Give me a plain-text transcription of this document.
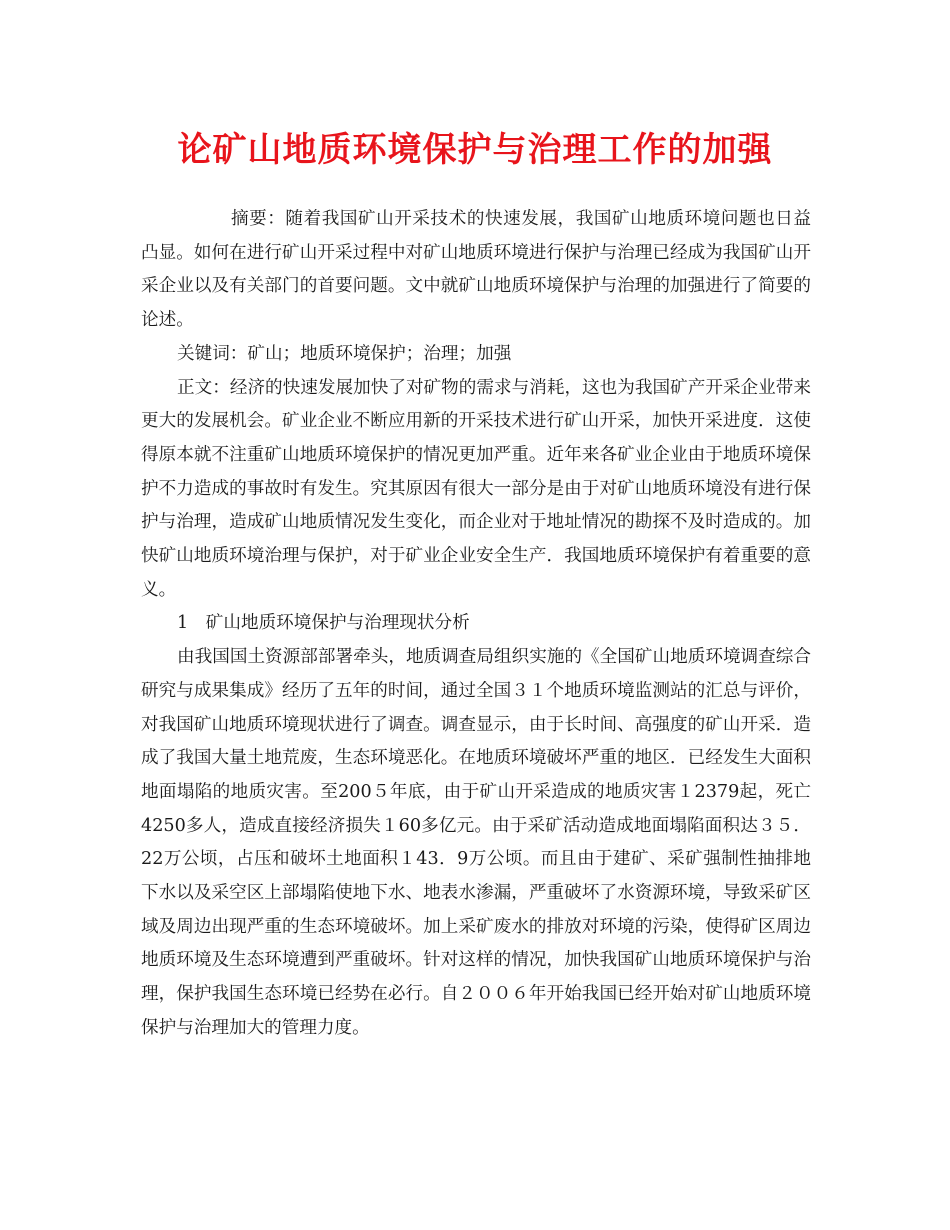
论矿山地质环境保护与治理工作的加强

摘要：随着我国矿山开采技术的快速发展，我国矿山地质环境问题也日益凸显。如何在进行矿山开采过程中对矿山地质环境进行保护与治理已经成为我国矿山开采企业以及有关部门的首要问题。文中就矿山地质环境保护与治理的加强进行了简要的论述。

关键词：矿山；地质环境保护；治理；加强

正文：经济的快速发展加快了对矿物的需求与消耗，这也为我国矿产开采企业带来更大的发展机会。矿业企业不断应用新的开采技术进行矿山开采，加快开采进度．这使得原本就不注重矿山地质环境保护的情况更加严重。近年来各矿业企业由于地质环境保护不力造成的事故时有发生。究其原因有很大一部分是由于对矿山地质环境没有进行保护与治理，造成矿山地质情况发生变化，而企业对于地址情况的勘探不及时造成的。加快矿山地质环境治理与保护，对于矿业企业安全生产．我国地质环境保护有着重要的意义。

1　矿山地质环境保护与治理现状分析

由我国国土资源部部署牵头，地质调查局组织实施的《全国矿山地质环境调查综合研究与成果集成》经历了五年的时间，通过全国３１个地质环境监测站的汇总与评价，对我国矿山地质环境现状进行了调查。调查显示，由于长时间、高强度的矿山开采．造成了我国大量土地荒废，生态环境恶化。在地质环境破坏严重的地区．已经发生大面积地面塌陷的地质灾害。至200５年底，由于矿山开采造成的地质灾害１2379起，死亡4250多人，造成直接经济损失１60多亿元。由于采矿活动造成地面塌陷面积达３５．22万公顷，占压和破坏土地面积１43．9万公顷。而且由于建矿、采矿强制性抽排地下水以及采空区上部塌陷使地下水、地表水渗漏，严重破坏了水资源环境，导致采矿区域及周边出现严重的生态环境破坏。加上采矿废水的排放对环境的污染，使得矿区周边地质环境及生态环境遭到严重破坏。针对这样的情况，加快我国矿山地质环境保护与治理，保护我国生态环境已经势在必行。自２００６年开始我国已经开始对矿山地质环境保护与治理加大的管理力度。
